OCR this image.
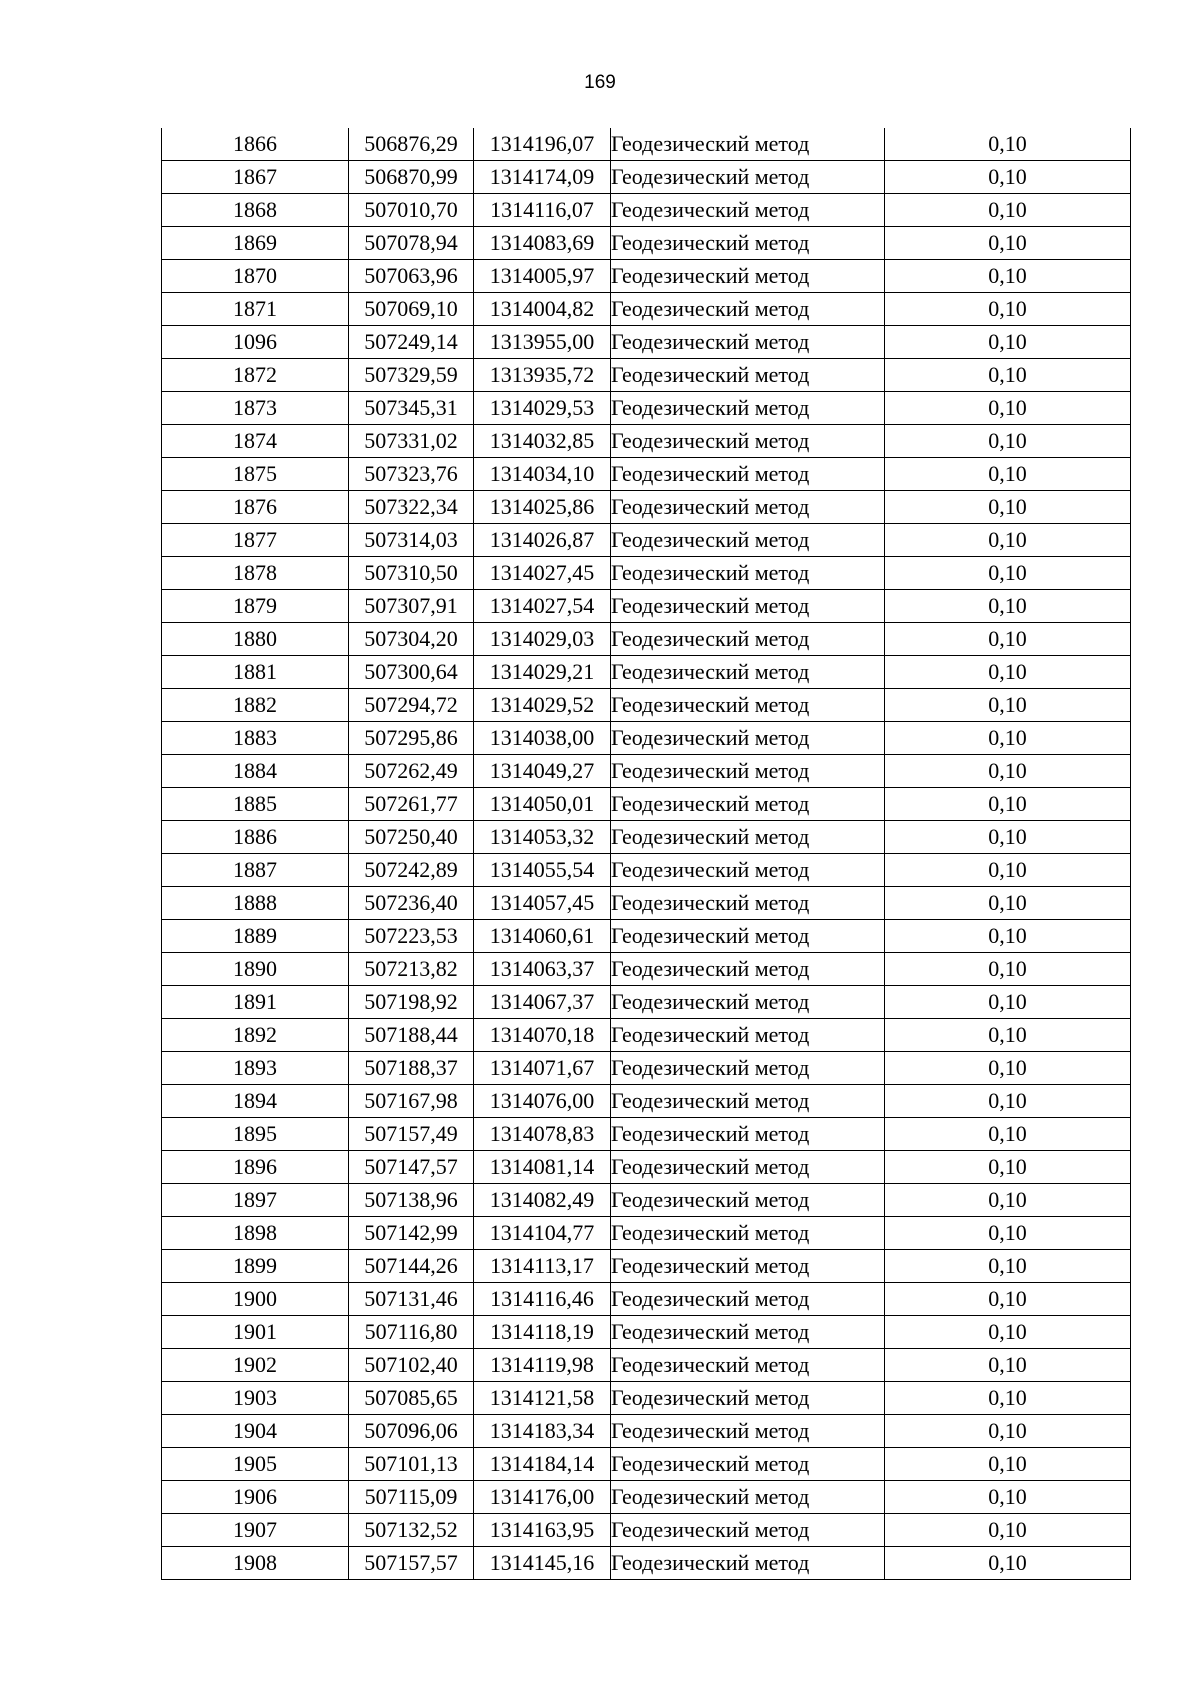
169
1866	506876,29	1314196,07	Геодезический метод	0,10
1867	506870,99	1314174,09	Геодезический метод	0,10
1868	507010,70	1314116,07	Геодезический метод	0,10
1869	507078,94	1314083,69	Геодезический метод	0,10
1870	507063,96	1314005,97	Геодезический метод	0,10
1871	507069,10	1314004,82	Геодезический метод	0,10
1096	507249,14	1313955,00	Геодезический метод	0,10
1872	507329,59	1313935,72	Геодезический метод	0,10
1873	507345,31	1314029,53	Геодезический метод	0,10
1874	507331,02	1314032,85	Геодезический метод	0,10
1875	507323,76	1314034,10	Геодезический метод	0,10
1876	507322,34	1314025,86	Геодезический метод	0,10
1877	507314,03	1314026,87	Геодезический метод	0,10
1878	507310,50	1314027,45	Геодезический метод	0,10
1879	507307,91	1314027,54	Геодезический метод	0,10
1880	507304,20	1314029,03	Геодезический метод	0,10
1881	507300,64	1314029,21	Геодезический метод	0,10
1882	507294,72	1314029,52	Геодезический метод	0,10
1883	507295,86	1314038,00	Геодезический метод	0,10
1884	507262,49	1314049,27	Геодезический метод	0,10
1885	507261,77	1314050,01	Геодезический метод	0,10
1886	507250,40	1314053,32	Геодезический метод	0,10
1887	507242,89	1314055,54	Геодезический метод	0,10
1888	507236,40	1314057,45	Геодезический метод	0,10
1889	507223,53	1314060,61	Геодезический метод	0,10
1890	507213,82	1314063,37	Геодезический метод	0,10
1891	507198,92	1314067,37	Геодезический метод	0,10
1892	507188,44	1314070,18	Геодезический метод	0,10
1893	507188,37	1314071,67	Геодезический метод	0,10
1894	507167,98	1314076,00	Геодезический метод	0,10
1895	507157,49	1314078,83	Геодезический метод	0,10
1896	507147,57	1314081,14	Геодезический метод	0,10
1897	507138,96	1314082,49	Геодезический метод	0,10
1898	507142,99	1314104,77	Геодезический метод	0,10
1899	507144,26	1314113,17	Геодезический метод	0,10
1900	507131,46	1314116,46	Геодезический метод	0,10
1901	507116,80	1314118,19	Геодезический метод	0,10
1902	507102,40	1314119,98	Геодезический метод	0,10
1903	507085,65	1314121,58	Геодезический метод	0,10
1904	507096,06	1314183,34	Геодезический метод	0,10
1905	507101,13	1314184,14	Геодезический метод	0,10
1906	507115,09	1314176,00	Геодезический метод	0,10
1907	507132,52	1314163,95	Геодезический метод	0,10
1908	507157,57	1314145,16	Геодезический метод	0,10
